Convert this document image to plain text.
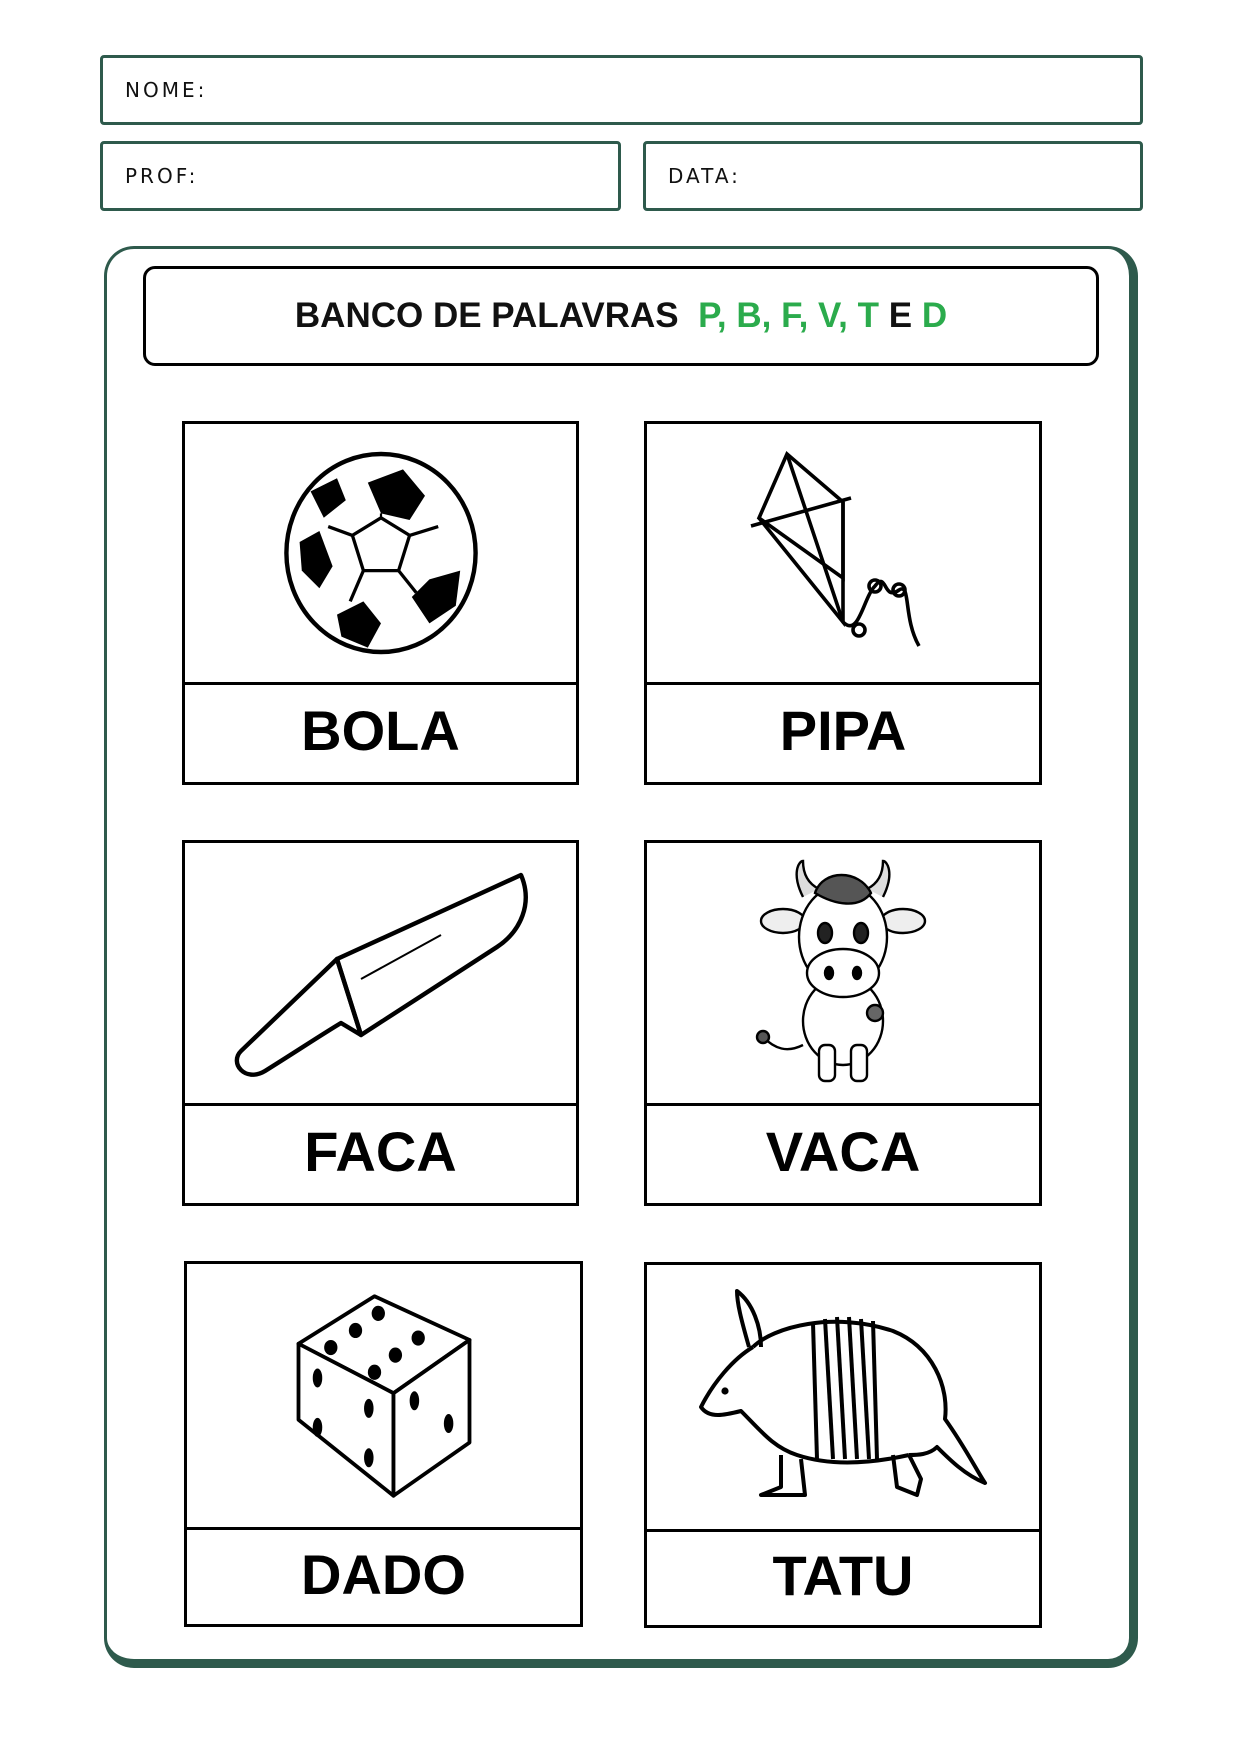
NOME:
PROF:	DATA:
BANCO DE PALAVRAS P, B, F, V, T E D
BOLA	PIPA
FACA	VACA
DADO	TATU
